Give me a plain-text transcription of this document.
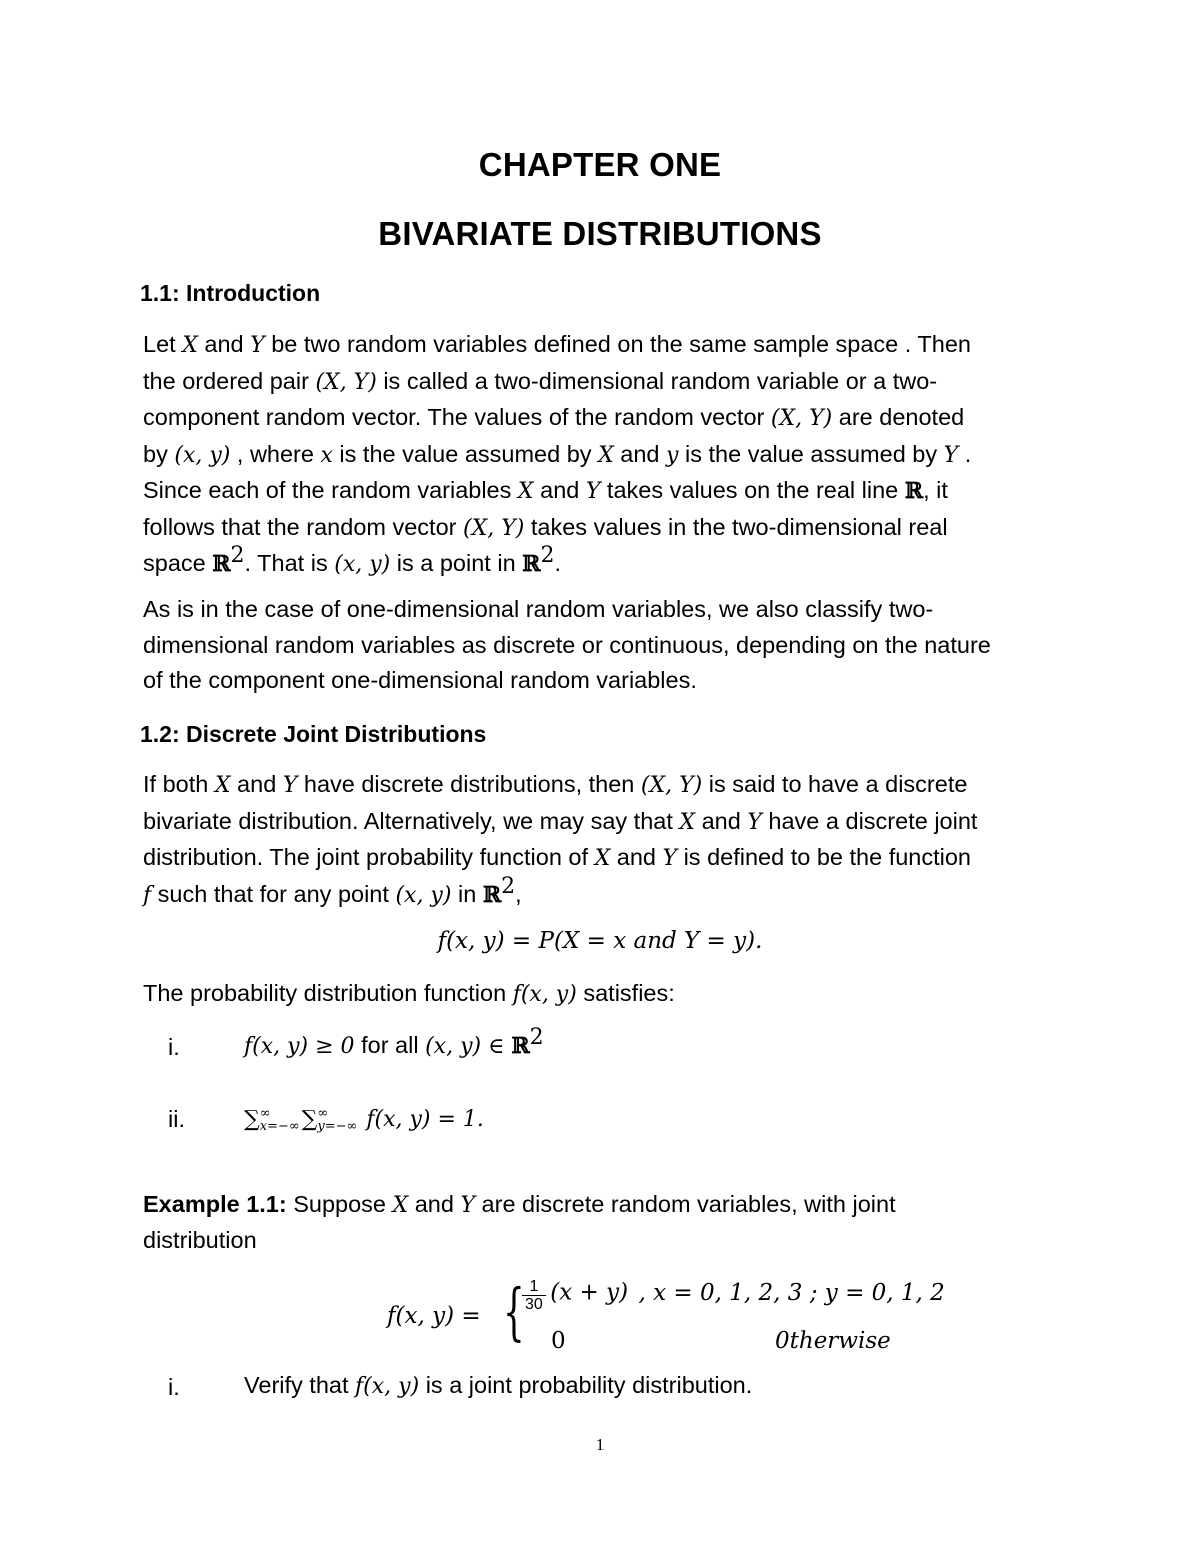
CHAPTER ONE
BIVARIATE DISTRIBUTIONS
1.1: Introduction

Let X and Y be two random variables defined on the same sample space . Then

the ordered pair (X, Y) is called a two-dimensional random variable or a two-

component random vector. The values of the random vector (X, Y) are denoted

by (x, y) , where x is the value assumed by X and y is the value assumed by Y .

Since each of the random variables X and Y takes values on the real line ℝ, it

follows that the random vector (X, Y) takes values in the two-dimensional real

space ℝ$^2$. That is (x, y) is a point in ℝ$^2$.

As is in the case of one-dimensional random variables, we also classify two-

dimensional random variables as discrete or continuous, depending on the nature

of the component one-dimensional random variables.

1.2: Discrete Joint Distributions

If both X and Y have discrete distributions, then (X, Y) is said to have a discrete

bivariate distribution. Alternatively, we may say that X and Y have a discrete joint

distribution. The joint probability function of X and Y is defined to be the function

f such that for any point (x, y) in ℝ$^2$,

f(x, y) = P(X = x and Y = y).
The probability distribution function f(x, y) satisfies:
i.	f(x, y) ≥ 0 for all (x, y) ∈ ℝ$^2$
ii.	∑ ∞
x=−∞ ∑ ∞
y=−∞ f(x, y) = 1.
Example 1.1: Suppose X and Y are discrete random variables, with joint
distribution
f(x, y) = {
$\frac{1}{30} (x + y)$ , x = 0, 1, 2, 3 ; y = 0, 1, 2
0	0therwise
i.	Verify that f(x, y) is a joint probability distribution.
1
